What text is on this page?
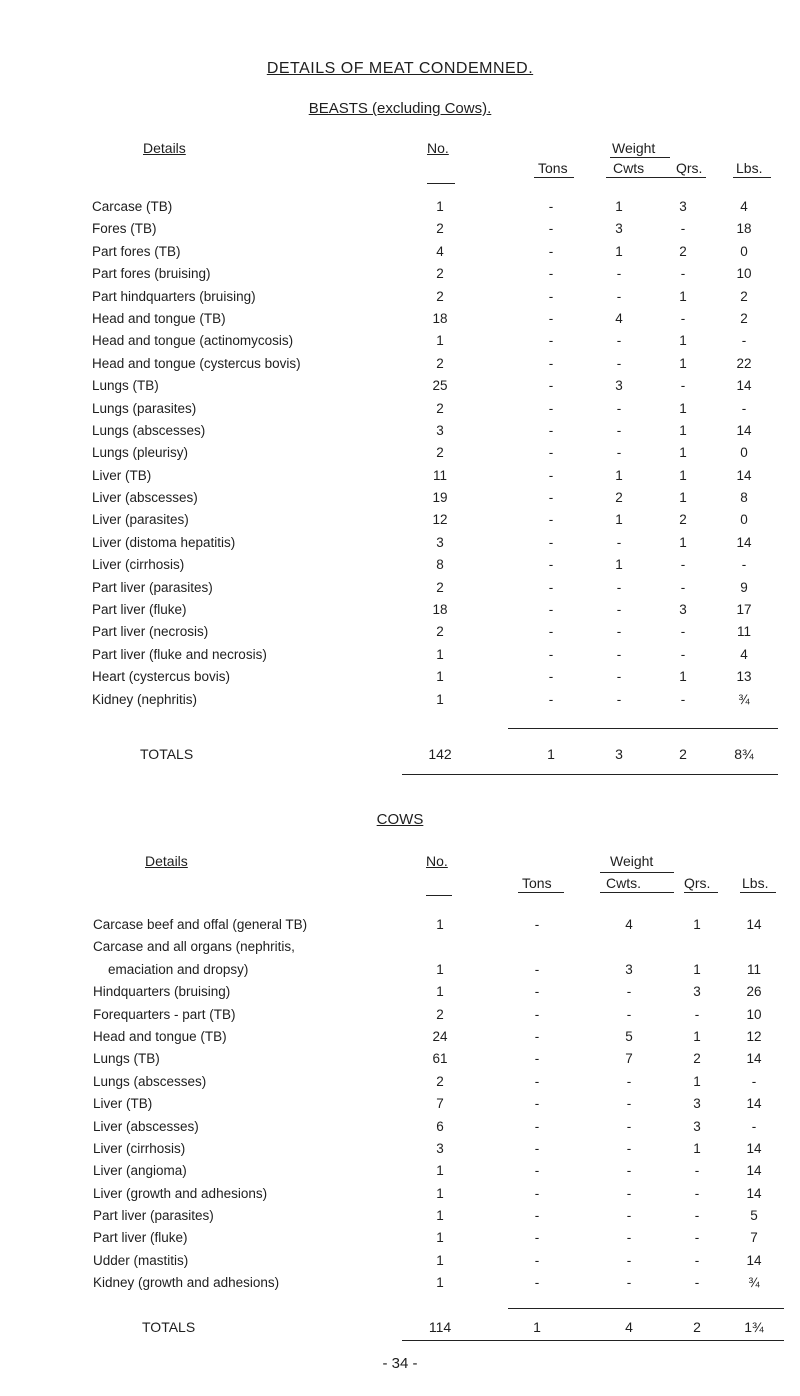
DETAILS OF MEAT CONDEMNED.
BEASTS (excluding Cows).
Details	No.	Weight
Tons	Cwts Qrs. Lbs.
Carcase (TB)	1	-	1	3	4
Fores (TB)	2	-	3	-	18
Part fores (TB)	4	-	1	2	0
Part fores (bruising)	2	-	-	-	10
Part hindquarters (bruising)	2	-	-	1	2
Head and tongue (TB)	18	-	4	-	2
Head and tongue (actinomycosis)	1	-	-	1	-
Head and tongue (cystercus bovis)	2	-	-	1	22
Lungs (TB)	25	-	3	-	14
Lungs (parasites)	2	-	-	1	-
Lungs (abscesses)	3	-	-	1	14
Lungs (pleurisy)	2	-	-	1	0
Liver (TB)	11	-	1	1	14
Liver (abscesses)	19	-	2	1	8
Liver (parasites)	12	-	1	2	0
Liver (distoma hepatitis)	3	-	-	1	14
Liver (cirrhosis)	8	-	1	-	-
Part liver (parasites)	2	-	-	-	9
Part liver (fluke)	18	-	-	3	17
Part liver (necrosis)	2	-	-	-	11
Part liver (fluke and necrosis)	1	-	-	-	4
Heart (cystercus bovis)	1	-	-	1	13
Kidney (nephritis)	1	-	-	-	¾
TOTALS	142	1	3	2	8¾
COWS
Details	No.	Weight
Tons	Cwts.	Qrs. Lbs.
Carcase beef and offal (general TB)	1	-	4	1	14
Carcase and all organs (nephritis,
emaciation and dropsy)	1	-	3	1	11
Hindquarters (bruising)	1	-	-	3	26
Forequarters - part (TB)	2	-	-	-	10
Head and tongue (TB)	24	-	5	1	12
Lungs (TB)	61	-	7	2	14
Lungs (abscesses)	2	-	-	1	-
Liver (TB)	7	-	-	3	14
Liver (abscesses)	6	-	-	3	-
Liver (cirrhosis)	3	-	-	1	14
Liver (angioma)	1	-	-	-	14
Liver (growth and adhesions)	1	-	-	-	14
Part liver (parasites)	1	-	-	-	5
Part liver (fluke)	1	-	-	-	7
Udder (mastitis)	1	-	-	-	14
Kidney (growth and adhesions)	1	-	-	-	¾
TOTALS	114	1	4	2	1¾
- 34 -
